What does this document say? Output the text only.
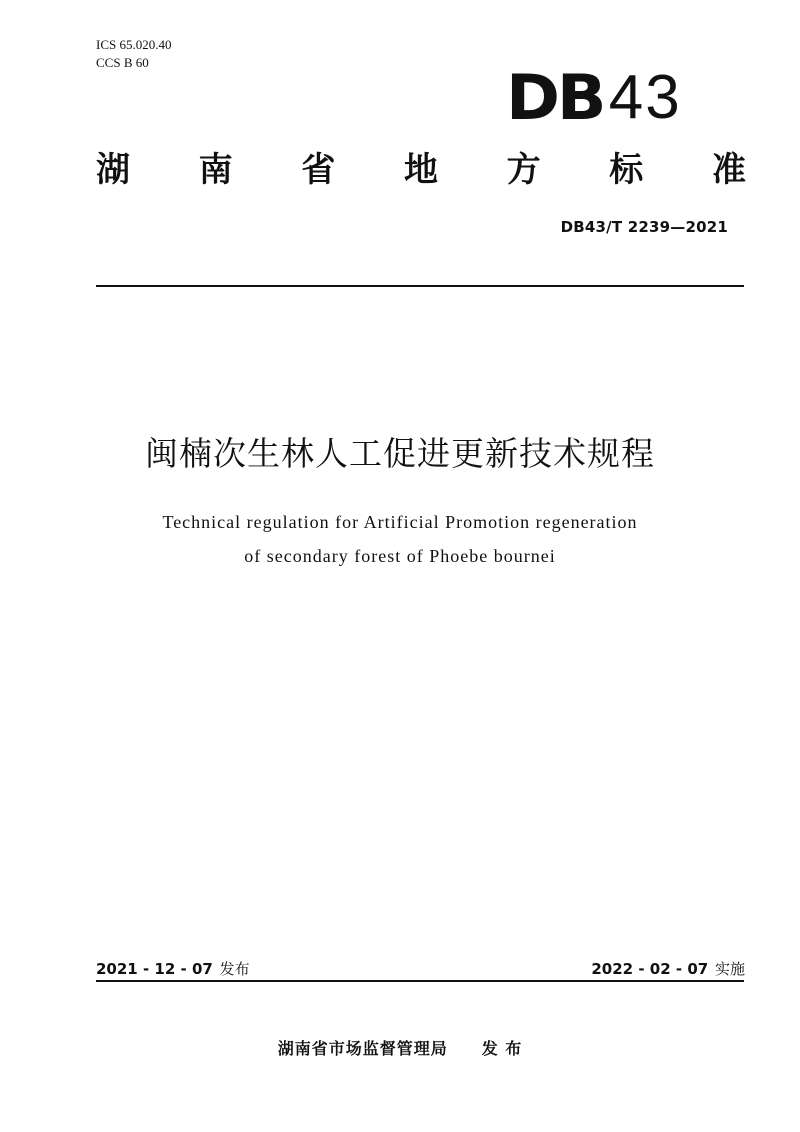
ICS 65.020.40
CCS B 60	DB 43
湖 南 省 地 方 标 准
DB43/T 2239—2021
闽楠次生林人工促进更新技术规程
Technical regulation for Artificial Promotion regeneration
of secondary forest of Phoebe bournei
2021 - 12 - 07 发布	2022 - 02 - 07 实施
湖南省市场监督管理局 发 布
